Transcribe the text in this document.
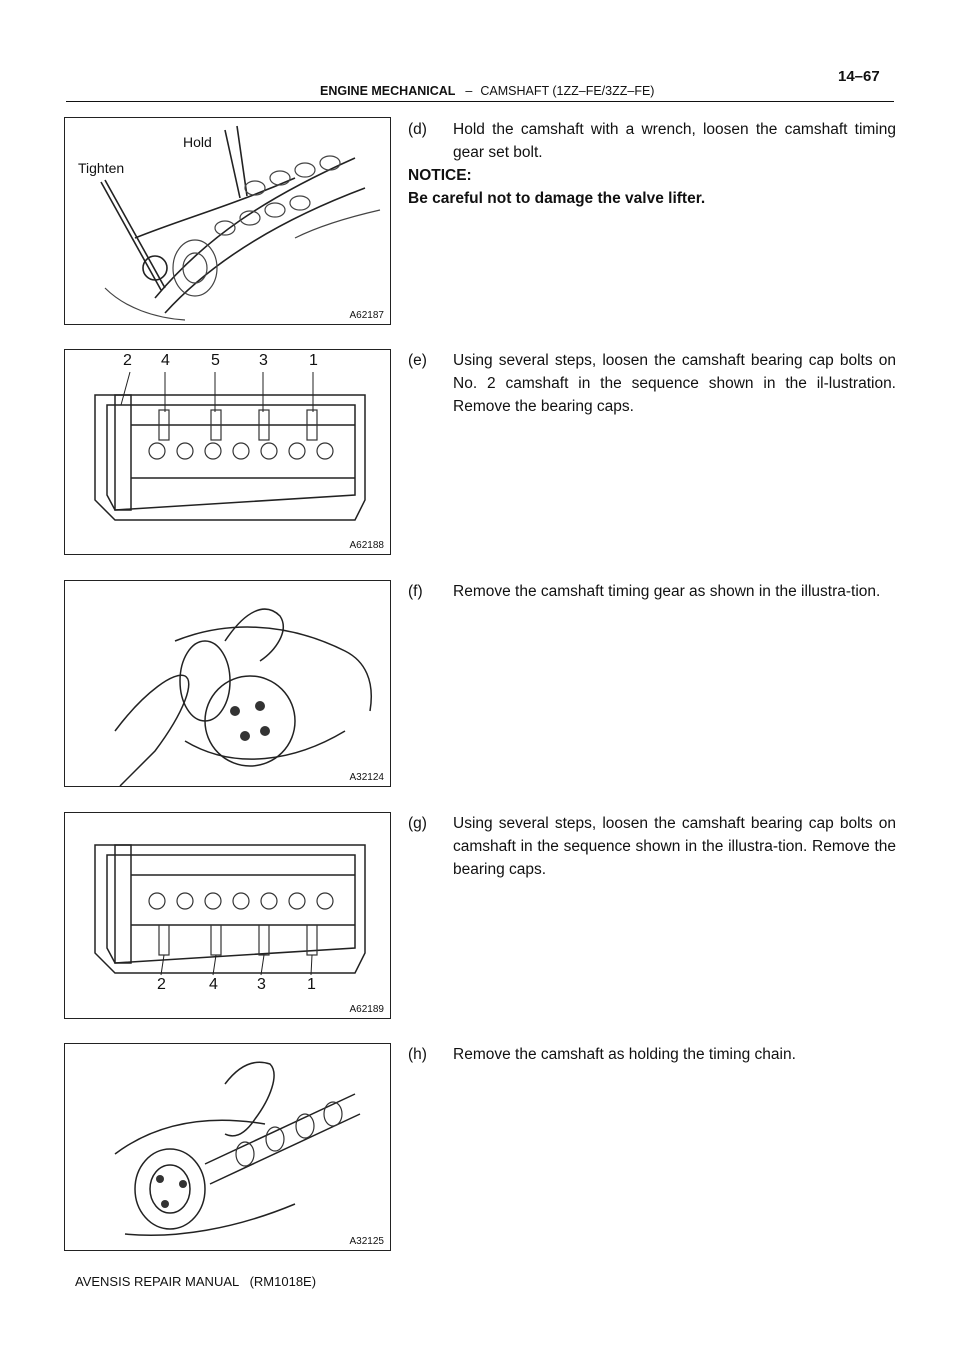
14–67
ENGINE MECHANICAL – CAMSHAFT (1ZZ–FE/3ZZ–FE)
Hold
Tighten
A62187
2 4	5 3	1
A62188
A32124
2	4 3	1
A62189
A32125
(d) Hold the camshaft with a wrench, loosen the camshaft timing gear set bolt.
NOTICE:
Be careful not to damage the valve lifter.
(e) Using several steps, loosen the camshaft bearing cap bolts on No. 2 camshaft in the sequence shown in the il-lustration. Remove the bearing caps.
(f) Remove the camshaft timing gear as shown in the illustra-tion.
(g) Using several steps, loosen the camshaft bearing cap bolts on camshaft in the sequence shown in the illustra-tion. Remove the bearing caps.
(h) Remove the camshaft as holding the timing chain.
AVENSIS REPAIR MANUAL   (RM1018E)
